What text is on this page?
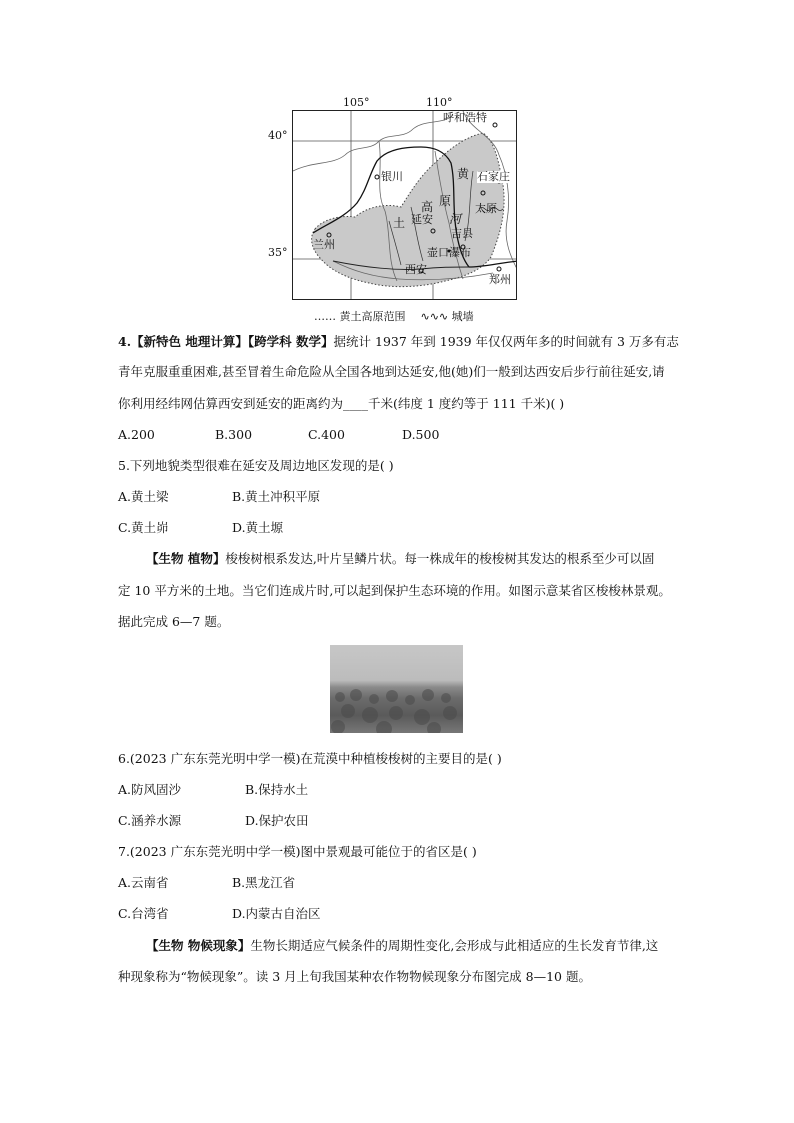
105°	110°
40°
35°
呼和浩特
银川	石家庄
太原
延安
吉县
壶口瀑布
兰州
西安
郑州
黄
原
河
高
土
…… 黄土高原范围 ∿∿∿ 城墙
4.【新特色 地理计算】【跨学科 数学】据统计 1937 年到 1939 年仅仅两年多的时间就有 3 万多有志
青年克服重重困难,甚至冒着生命危险从全国各地到达延安,他(她)们一般到达西安后步行前往延安,请
你利用经纬网估算西安到延安的距离约为____千米(纬度 1 度约等于 111 千米)( )
A.200	B.300	C.400	D.500
5.下列地貌类型很难在延安及周边地区发现的是( )
A.黄土梁	B.黄土冲积平原
C.黄土峁	D.黄土塬
【生物 植物】梭梭树根系发达,叶片呈鳞片状。每一株成年的梭梭树其发达的根系至少可以固
定 10 平方米的土地。当它们连成片时,可以起到保护生态环境的作用。如图示意某省区梭梭林景观。
据此完成 6—7 题。
6.(2023 广东东莞光明中学一模)在荒漠中种植梭梭树的主要目的是( )
A.防风固沙	B.保持水土
C.涵养水源	D.保护农田
7.(2023 广东东莞光明中学一模)图中景观最可能位于的省区是( )
A.云南省	B.黑龙江省
C.台湾省	D.内蒙古自治区
【生物 物候现象】生物长期适应气候条件的周期性变化,会形成与此相适应的生长发育节律,这
种现象称为“物候现象”。读 3 月上旬我国某种农作物物候现象分布图完成 8—10 题。
